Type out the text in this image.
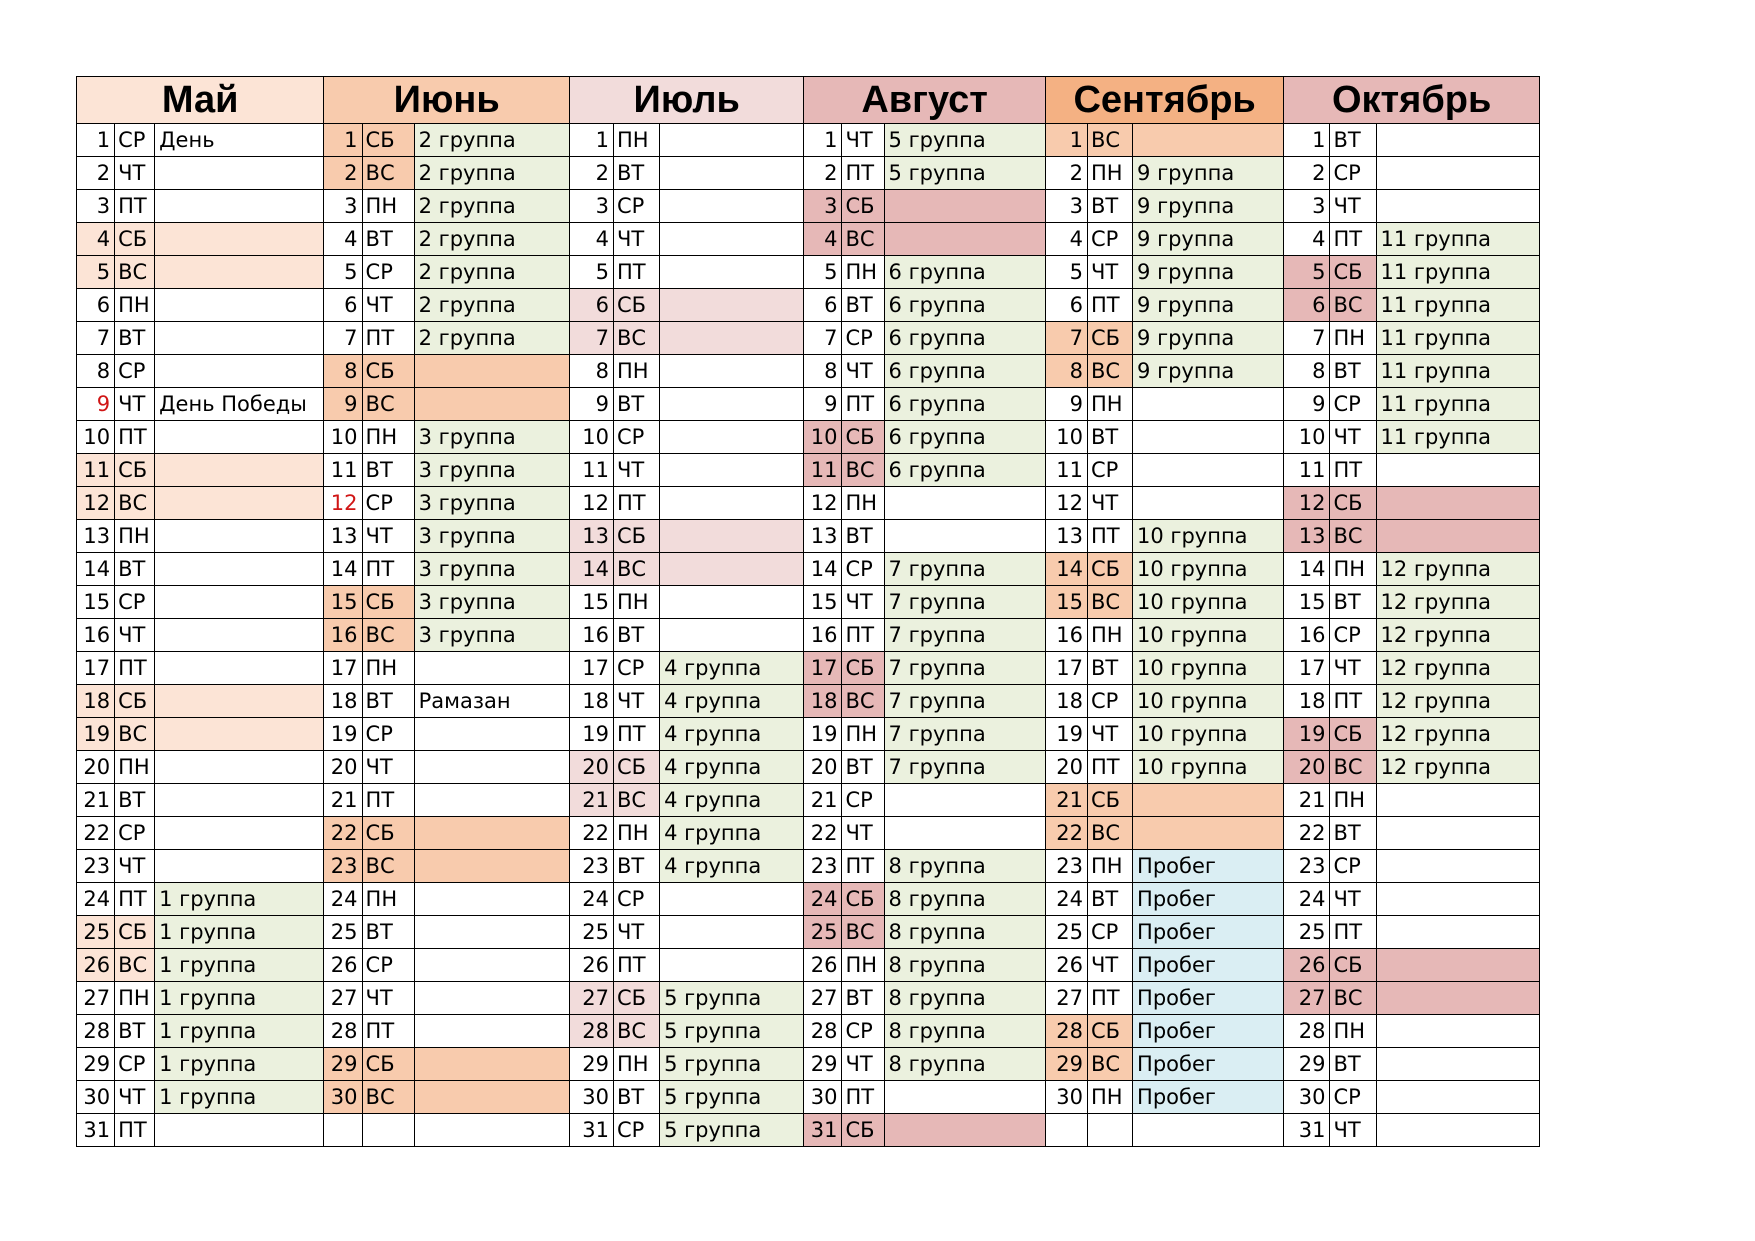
Май			Июнь			Июль			Август			Сентябрь			Октябрь		
1	СР	День	1	СБ	2 группа	1	ПН		1	ЧТ	5 группа	1	ВС		1	ВТ	
2	ЧТ		2	ВС	2 группа	2	ВТ		2	ПТ	5 группа	2	ПН	9 группа	2	СР	
3	ПТ		3	ПН	2 группа	3	СР		3	СБ		3	ВТ	9 группа	3	ЧТ	
4	СБ		4	ВТ	2 группа	4	ЧТ		4	ВС		4	СР	9 группа	4	ПТ	11 группа
5	ВС		5	СР	2 группа	5	ПТ		5	ПН	6 группа	5	ЧТ	9 группа	5	СБ	11 группа
6	ПН		6	ЧТ	2 группа	6	СБ		6	ВТ	6 группа	6	ПТ	9 группа	6	ВС	11 группа
7	ВТ		7	ПТ	2 группа	7	ВС		7	СР	6 группа	7	СБ	9 группа	7	ПН	11 группа
8	СР		8	СБ		8	ПН		8	ЧТ	6 группа	8	ВС	9 группа	8	ВТ	11 группа
9	ЧТ	День Победы	9	ВС		9	ВТ		9	ПТ	6 группа	9	ПН		9	СР	11 группа
10	ПТ		10	ПН	3 группа	10	СР		10	СБ	6 группа	10	ВТ		10	ЧТ	11 группа
11	СБ		11	ВТ	3 группа	11	ЧТ		11	ВС	6 группа	11	СР		11	ПТ	
12	ВС		12	СР	3 группа	12	ПТ		12	ПН		12	ЧТ		12	СБ	
13	ПН		13	ЧТ	3 группа	13	СБ		13	ВТ		13	ПТ	10 группа	13	ВС	
14	ВТ		14	ПТ	3 группа	14	ВС		14	СР	7 группа	14	СБ	10 группа	14	ПН	12 группа
15	СР		15	СБ	3 группа	15	ПН		15	ЧТ	7 группа	15	ВС	10 группа	15	ВТ	12 группа
16	ЧТ		16	ВС	3 группа	16	ВТ		16	ПТ	7 группа	16	ПН	10 группа	16	СР	12 группа
17	ПТ		17	ПН		17	СР	4 группа	17	СБ	7 группа	17	ВТ	10 группа	17	ЧТ	12 группа
18	СБ		18	ВТ	Рамазан	18	ЧТ	4 группа	18	ВС	7 группа	18	СР	10 группа	18	ПТ	12 группа
19	ВС		19	СР		19	ПТ	4 группа	19	ПН	7 группа	19	ЧТ	10 группа	19	СБ	12 группа
20	ПН		20	ЧТ		20	СБ	4 группа	20	ВТ	7 группа	20	ПТ	10 группа	20	ВС	12 группа
21	ВТ		21	ПТ		21	ВС	4 группа	21	СР		21	СБ		21	ПН	
22	СР		22	СБ		22	ПН	4 группа	22	ЧТ		22	ВС		22	ВТ	
23	ЧТ		23	ВС		23	ВТ	4 группа	23	ПТ	8 группа	23	ПН	Пробег	23	СР	
24	ПТ	1 группа	24	ПН		24	СР		24	СБ	8 группа	24	ВТ	Пробег	24	ЧТ	
25	СБ	1 группа	25	ВТ		25	ЧТ		25	ВС	8 группа	25	СР	Пробег	25	ПТ	
26	ВС	1 группа	26	СР		26	ПТ		26	ПН	8 группа	26	ЧТ	Пробег	26	СБ	
27	ПН	1 группа	27	ЧТ		27	СБ	5 группа	27	ВТ	8 группа	27	ПТ	Пробег	27	ВС	
28	ВТ	1 группа	28	ПТ		28	ВС	5 группа	28	СР	8 группа	28	СБ	Пробег	28	ПН	
29	СР	1 группа	29	СБ		29	ПН	5 группа	29	ЧТ	8 группа	29	ВС	Пробег	29	ВТ	
30	ЧТ	1 группа	30	ВС		30	ВТ	5 группа	30	ПТ		30	ПН	Пробег	30	СР	
31	ПТ					31	СР	5 группа	31	СБ					31	ЧТ	
